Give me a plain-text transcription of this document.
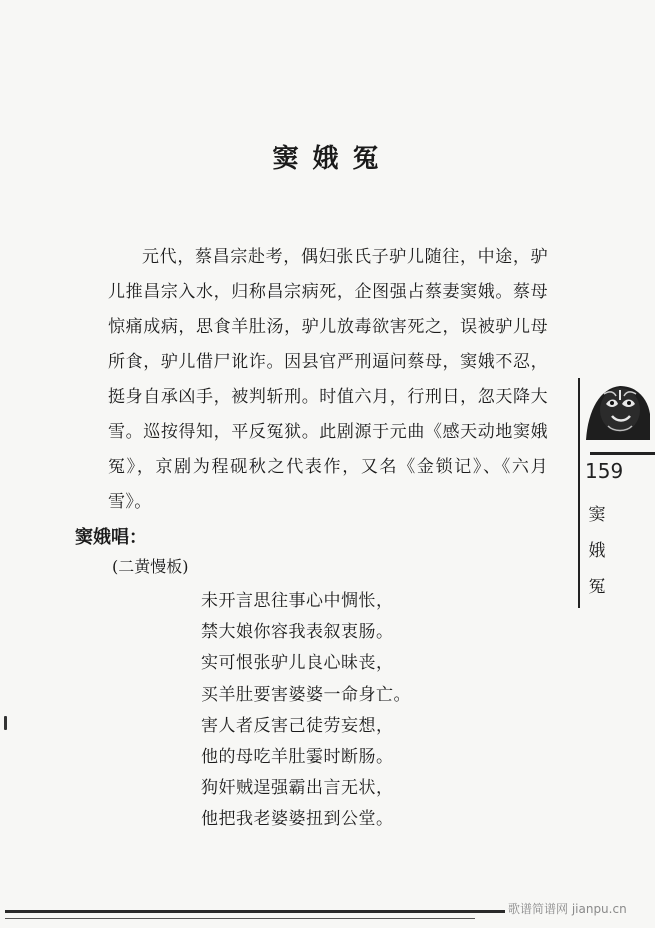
窦娥冤

元代，蔡昌宗赴考，偶妇张氏子驴儿随往，中途，驴儿推昌宗入水，归称昌宗病死，企图强占蔡妻窦娥。蔡母惊痛成病，思食羊肚汤，驴儿放毒欲害死之，误被驴儿母所食，驴儿借尸讹诈。因县官严刑逼问蔡母，窦娥不忍，挺身自承凶手，被判斩刑。时值六月，行刑日，忽天降大雪。巡按得知，平反冤狱。此剧源于元曲《感天动地窦娥冤》，京剧为程砚秋之代表作，又名《金锁记》、《六月雪》。

窦娥唱：
(二黄慢板)
未开言思往事心中惆怅，
禁大娘你容我表叙衷肠。
实可恨张驴儿良心昧丧，
买羊肚要害婆婆一命身亡。
害人者反害己徒劳妄想，
他的母吃羊肚霎时断肠。
狗奸贼逞强霸出言无状，
他把我老婆婆扭到公堂。
159
窦娥冤
歌谱简谱网 jianpu.cn
